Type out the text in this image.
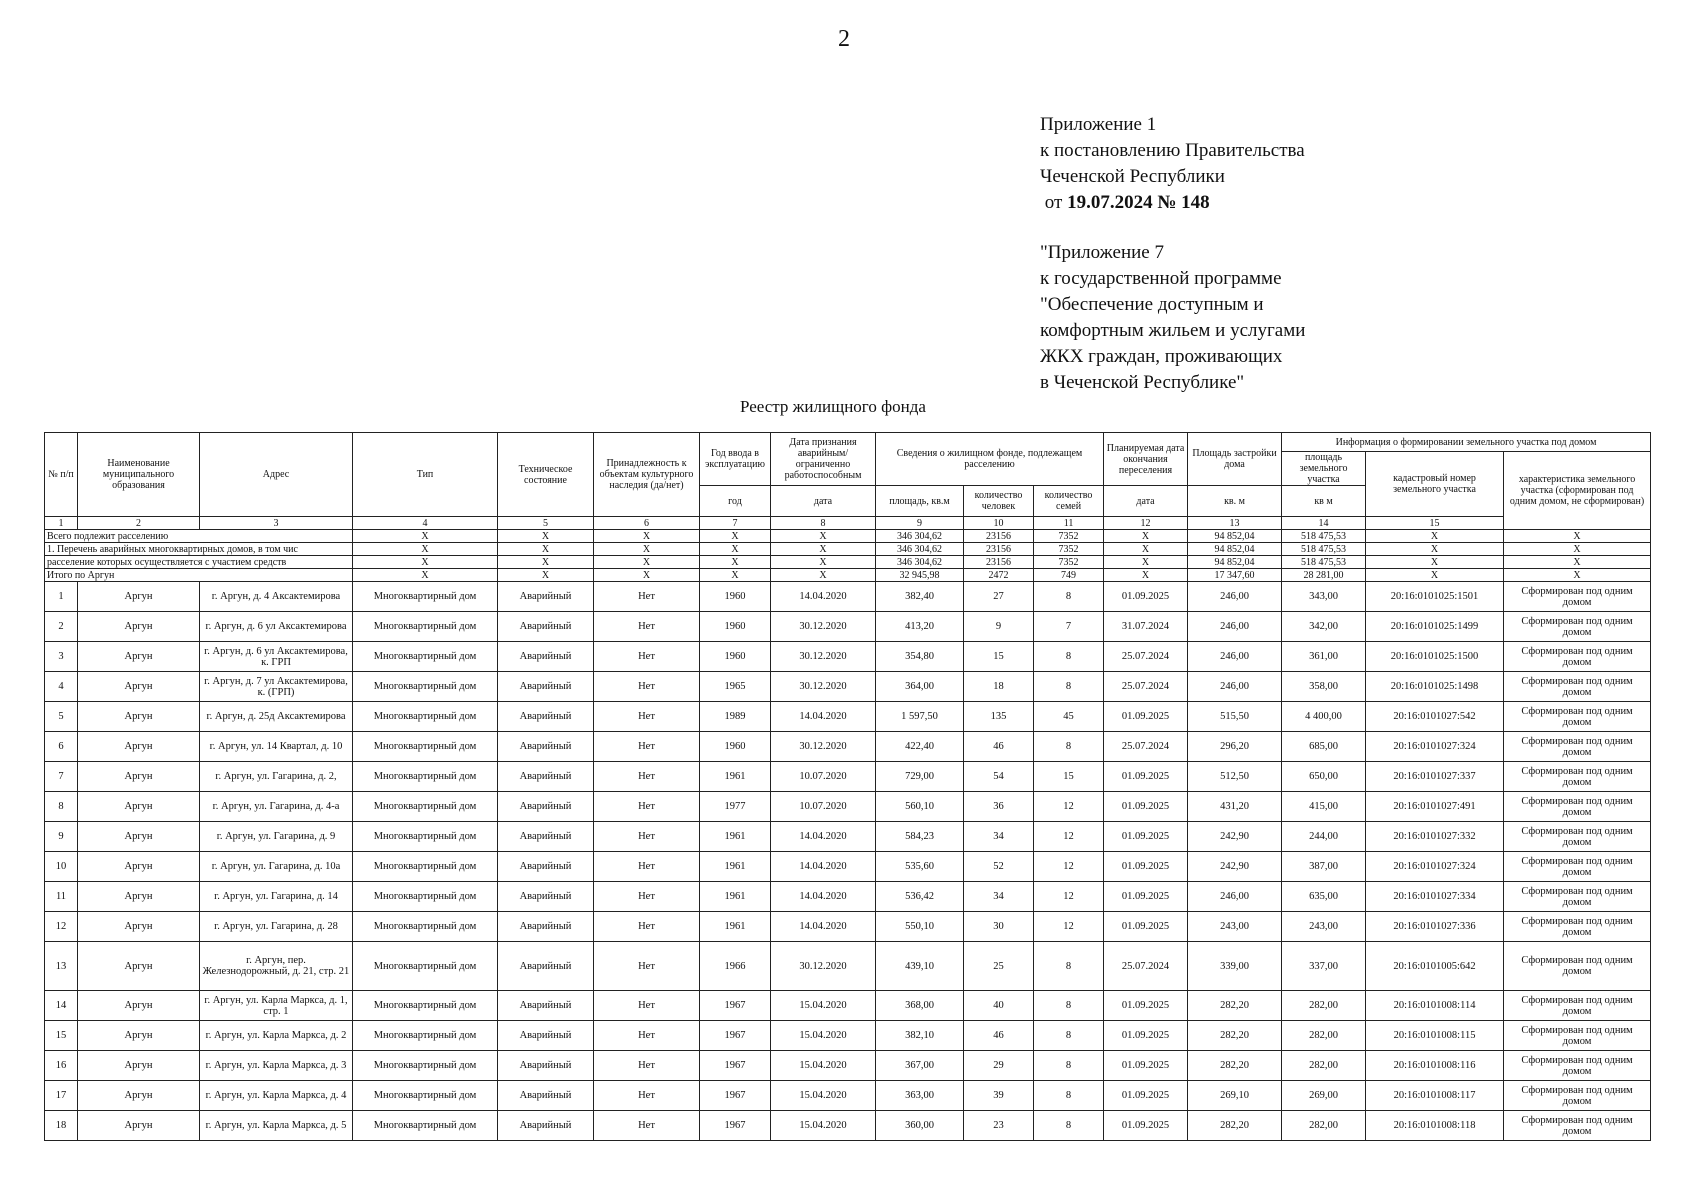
2
Приложение 1
к постановлению Правительства
Чеченской Республики
от 19.07.2024 № 148
"Приложение 7
к государственной программе
"Обеспечение доступным и
комфортным жильем и услугами
ЖКХ граждан, проживающих
в Чеченской Республике"
Реестр жилищного фонда
№ п/п	Наименование муниципального образования	Адрес	Тип	Техническое состояние	Принадлежность к объектам культурного наследия (да/нет)	Год ввода в эксплуатацию	Дата признания аварийным/ограниченно работоспособным	Сведения о жилищном фонде, подлежащем расселению			Планируемая дата окончания переселения	Площадь застройки дома	Информация о формировании земельного участка под домом		
													площадь земельного участка	кадастровый номер земельного участка	характеристика земельного участка (сформирован под одним домом, не сформирован)
						год	дата	площадь, кв.м	количество человек	количество семей	дата	кв. м	кв м		
1	2	3	4	5	6	7	8	9	10	11	12	13	14	15	
Всего подлежит расселению			X	X	X	X	X	346 304,62	23156	7352	X	94 852,04	518 475,53	X	X
1. Перечень аварийных многоквартирных домов, в том чис			X	X	X	X	X	346 304,62	23156	7352	X	94 852,04	518 475,53	X	X
расселение которых осуществляется с участием средств			X	X	X	X	X	346 304,62	23156	7352	X	94 852,04	518 475,53	X	X
Итого по Аргун			X	X	X	X	X	32 945,98	2472	749	X	17 347,60	28 281,00	X	X
1	Аргун	г. Аргун, д. 4 Аксактемирова	Многоквартирный дом	Аварийный	Нет	1960	14.04.2020	382,40	27	8	01.09.2025	246,00	343,00	20:16:0101025:1501	Сформирован под одним домом
2	Аргун	г. Аргун, д. 6 ул Аксактемирова	Многоквартирный дом	Аварийный	Нет	1960	30.12.2020	413,20	9	7	31.07.2024	246,00	342,00	20:16:0101025:1499	Сформирован под одним домом
3	Аргун	г. Аргун, д. 6 ул Аксактемирова, к. ГРП	Многоквартирный дом	Аварийный	Нет	1960	30.12.2020	354,80	15	8	25.07.2024	246,00	361,00	20:16:0101025:1500	Сформирован под одним домом
4	Аргун	г. Аргун, д. 7 ул Аксактемирова, к. (ГРП)	Многоквартирный дом	Аварийный	Нет	1965	30.12.2020	364,00	18	8	25.07.2024	246,00	358,00	20:16:0101025:1498	Сформирован под одним домом
5	Аргун	г. Аргун, д. 25д Аксактемирова	Многоквартирный дом	Аварийный	Нет	1989	14.04.2020	1 597,50	135	45	01.09.2025	515,50	4 400,00	20:16:0101027:542	Сформирован под одним домом
6	Аргун	г. Аргун, ул. 14 Квартал, д. 10	Многоквартирный дом	Аварийный	Нет	1960	30.12.2020	422,40	46	8	25.07.2024	296,20	685,00	20:16:0101027:324	Сформирован под одним домом
7	Аргун	г. Аргун, ул. Гагарина, д. 2,	Многоквартирный дом	Аварийный	Нет	1961	10.07.2020	729,00	54	15	01.09.2025	512,50	650,00	20:16:0101027:337	Сформирован под одним домом
8	Аргун	г. Аргун, ул. Гагарина, д. 4-а	Многоквартирный дом	Аварийный	Нет	1977	10.07.2020	560,10	36	12	01.09.2025	431,20	415,00	20:16:0101027:491	Сформирован под одним домом
9	Аргун	г. Аргун, ул. Гагарина, д. 9	Многоквартирный дом	Аварийный	Нет	1961	14.04.2020	584,23	34	12	01.09.2025	242,90	244,00	20:16:0101027:332	Сформирован под одним домом
10	Аргун	г. Аргун, ул. Гагарина, д. 10а	Многоквартирный дом	Аварийный	Нет	1961	14.04.2020	535,60	52	12	01.09.2025	242,90	387,00	20:16:0101027:324	Сформирован под одним домом
11	Аргун	г. Аргун, ул. Гагарина, д. 14	Многоквартирный дом	Аварийный	Нет	1961	14.04.2020	536,42	34	12	01.09.2025	246,00	635,00	20:16:0101027:334	Сформирован под одним домом
12	Аргун	г. Аргун, ул. Гагарина, д. 28	Многоквартирный дом	Аварийный	Нет	1961	14.04.2020	550,10	30	12	01.09.2025	243,00	243,00	20:16:0101027:336	Сформирован под одним домом
13	Аргун	г. Аргун, пер. Железнодорожный, д. 21, стр. 21	Многоквартирный дом	Аварийный	Нет	1966	30.12.2020	439,10	25	8	25.07.2024	339,00	337,00	20:16:0101005:642	Сформирован под одним домом
14	Аргун	г. Аргун, ул. Карла Маркса, д. 1, стр. 1	Многоквартирный дом	Аварийный	Нет	1967	15.04.2020	368,00	40	8	01.09.2025	282,20	282,00	20:16:0101008:114	Сформирован под одним домом
15	Аргун	г. Аргун, ул. Карла Маркса, д. 2	Многоквартирный дом	Аварийный	Нет	1967	15.04.2020	382,10	46	8	01.09.2025	282,20	282,00	20:16:0101008:115	Сформирован под одним домом
16	Аргун	г. Аргун, ул. Карла Маркса, д. 3	Многоквартирный дом	Аварийный	Нет	1967	15.04.2020	367,00	29	8	01.09.2025	282,20	282,00	20:16:0101008:116	Сформирован под одним домом
17	Аргун	г. Аргун, ул. Карла Маркса, д. 4	Многоквартирный дом	Аварийный	Нет	1967	15.04.2020	363,00	39	8	01.09.2025	269,10	269,00	20:16:0101008:117	Сформирован под одним домом
18	Аргун	г. Аргун, ул. Карла Маркса, д. 5	Многоквартирный дом	Аварийный	Нет	1967	15.04.2020	360,00	23	8	01.09.2025	282,20	282,00	20:16:0101008:118	Сформирован под одним домом
